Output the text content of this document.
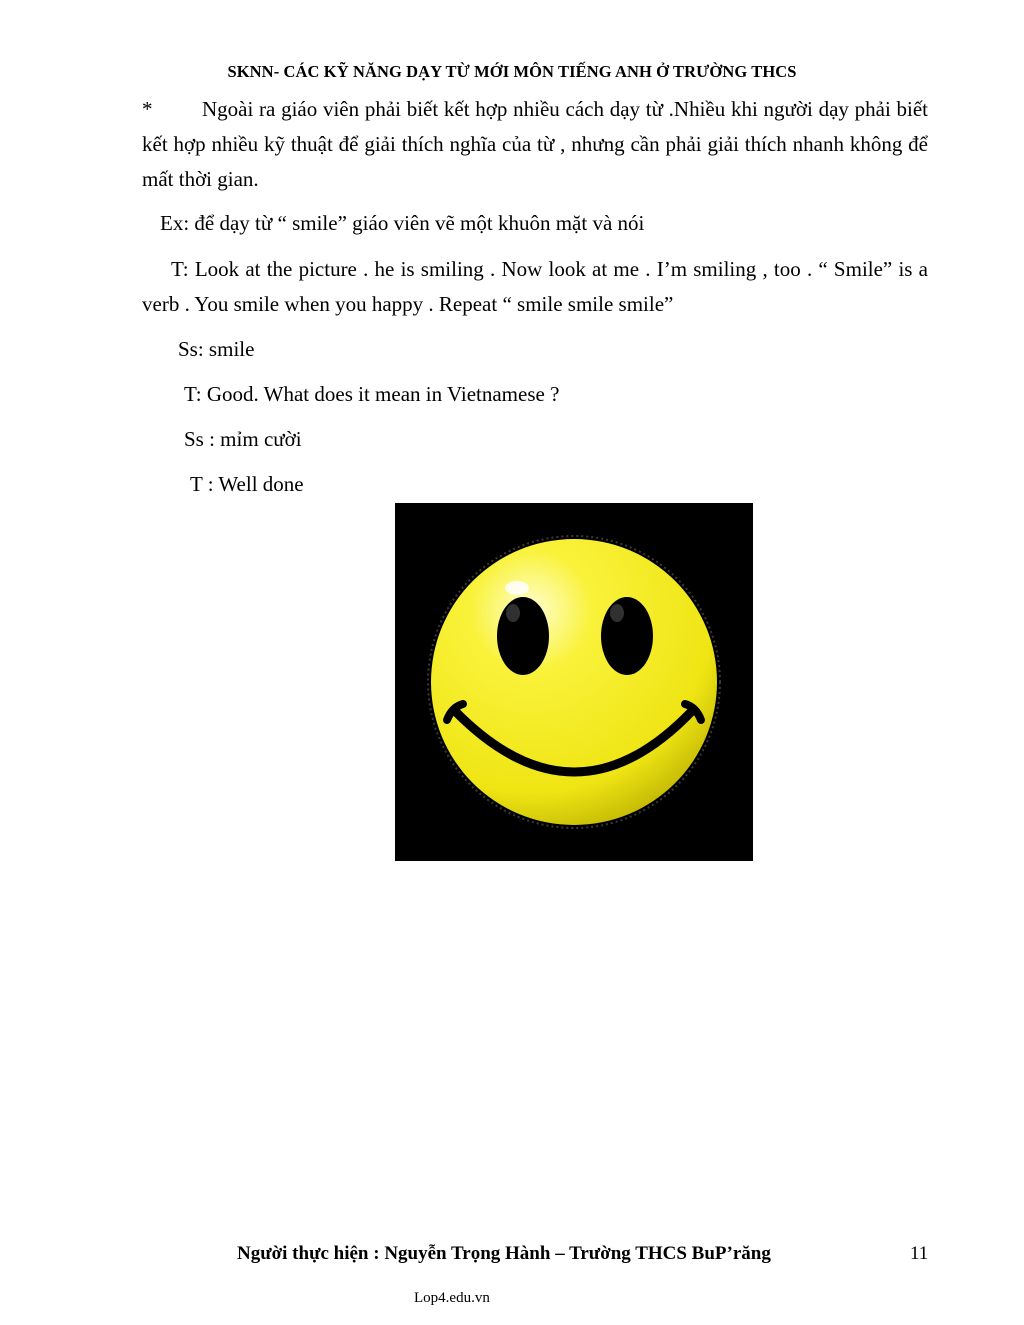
SKNN- CÁC KỸ NĂNG DẠY TỪ MỚI MÔN TIẾNG ANH Ở TRƯỜNG THCS
* Ngoài ra giáo viên phải biết kết hợp nhiều cách dạy từ .Nhiều khi người dạy phải biết kết hợp nhiều kỹ thuật để giải thích nghĩa của từ , nhưng cần phải giải thích nhanh không để mất thời gian.
Ex: để dạy từ “ smile” giáo viên vẽ một khuôn mặt và nói
T: Look at the picture . he is smiling . Now look at me . I’m smiling , too . “ Smile” is a verb . You smile when you happy . Repeat “ smile smile smile”
Ss: smile
T: Good. What does it mean in Vietnamese ?
Ss : mỉm cười
T : Well done
Người thực hiện : Nguyễn Trọng Hành – Trường THCS BuP’răng	11
Lop4.edu.vn
